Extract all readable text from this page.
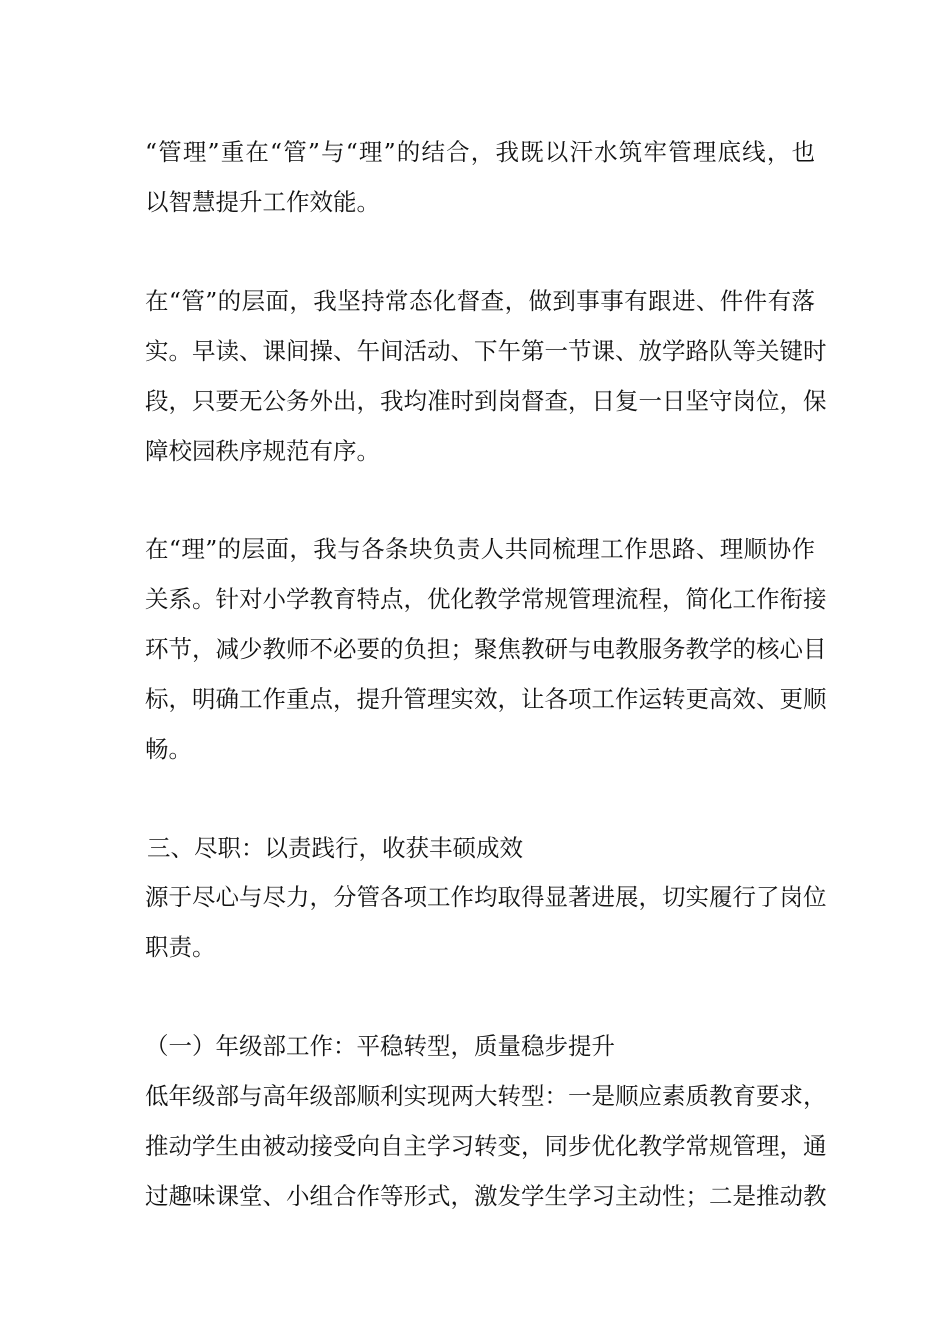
“管理”重在“管”与“理”的结合，我既以汗水筑牢管理底线，也
以智慧提升工作效能。
在“管”的层面，我坚持常态化督查，做到事事有跟进、件件有落
实。早读、课间操、午间活动、下午第一节课、放学路队等关键时
段，只要无公务外出，我均准时到岗督查，日复一日坚守岗位，保
障校园秩序规范有序。
在“理”的层面，我与各条块负责人共同梳理工作思路、理顺协作
关系。针对小学教育特点，优化教学常规管理流程，简化工作衔接
环节，减少教师不必要的负担；聚焦教研与电教服务教学的核心目
标，明确工作重点，提升管理实效，让各项工作运转更高效、更顺
畅。
三、尽职：以责践行，收获丰硕成效
源于尽心与尽力，分管各项工作均取得显著进展，切实履行了岗位
职责。
（一）年级部工作：平稳转型，质量稳步提升
低年级部与高年级部顺利实现两大转型：一是顺应素质教育要求，
推动学生由被动接受向自主学习转变，同步优化教学常规管理，通
过趣味课堂、小组合作等形式，激发学生学习主动性；二是推动教
